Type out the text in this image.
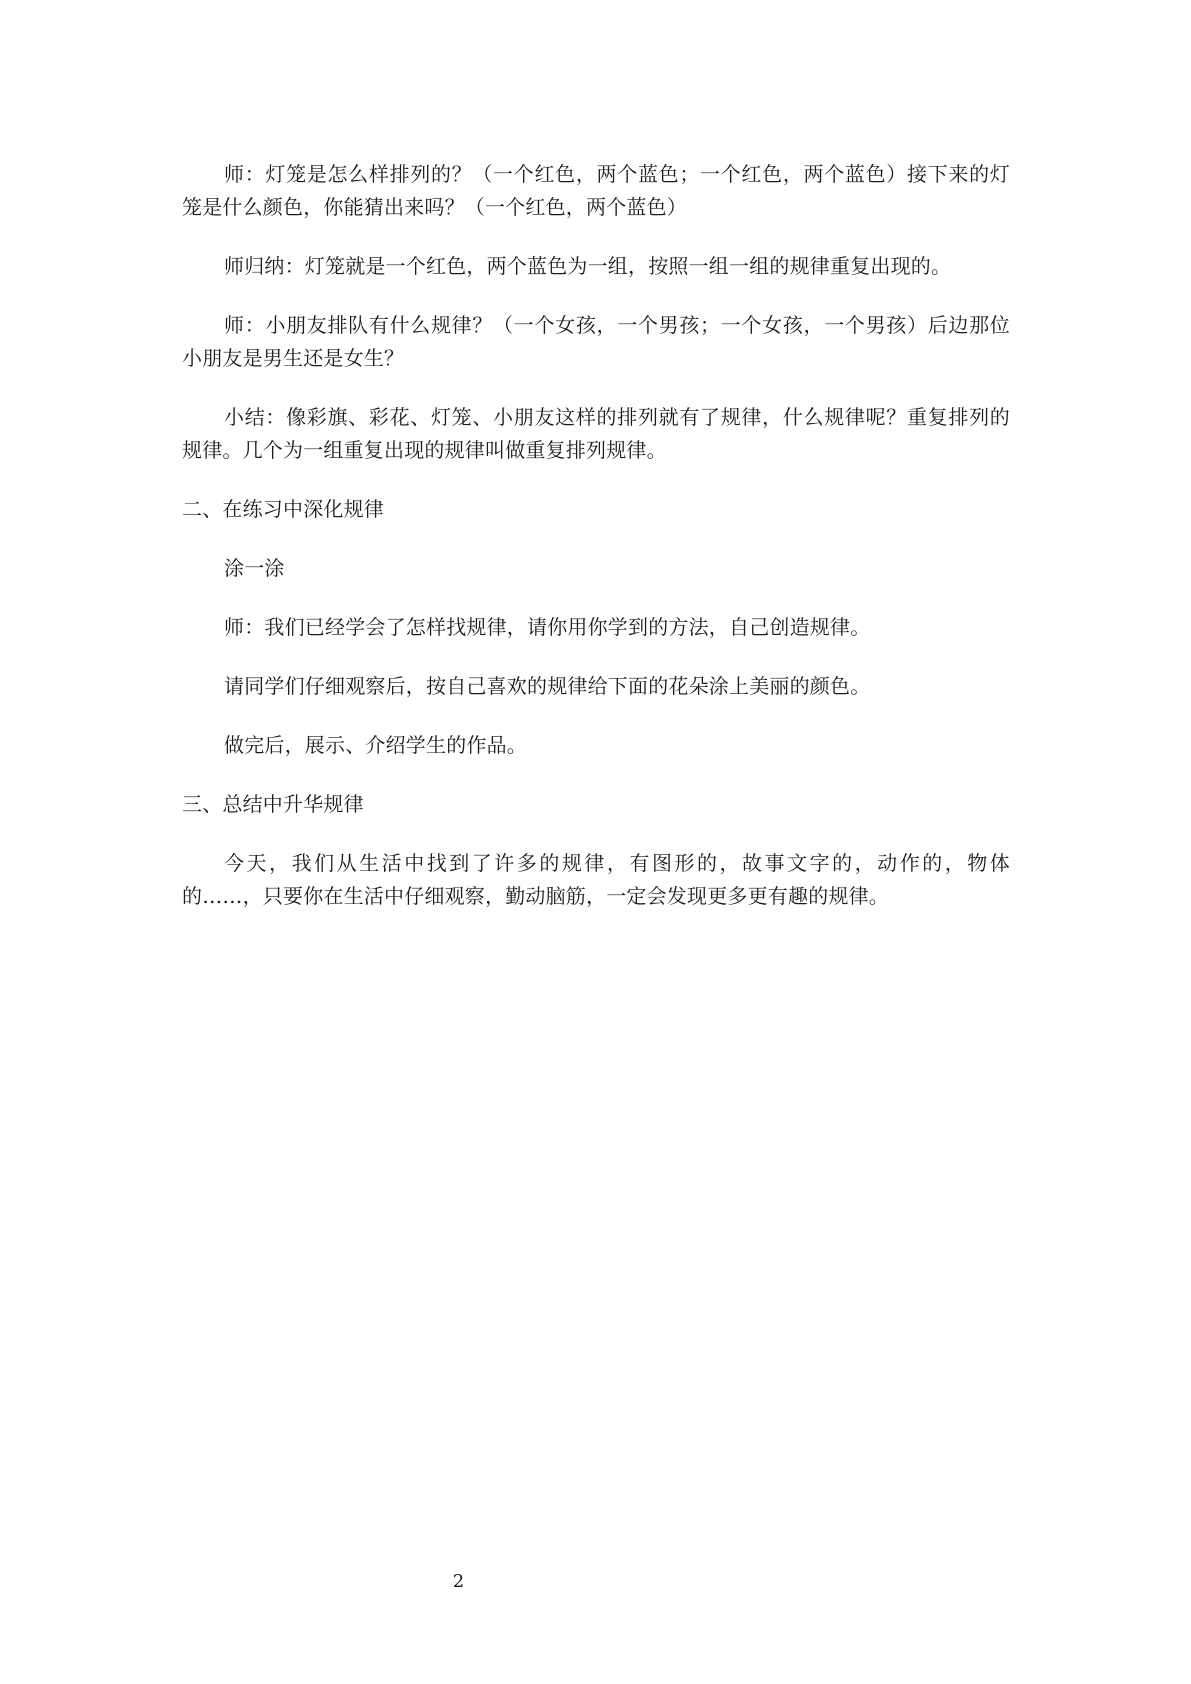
师：灯笼是怎么样排列的？（一个红色，两个蓝色；一个红色，两个蓝色）接下来的灯笼是什么颜色，你能猜出来吗？（一个红色，两个蓝色）

师归纳：灯笼就是一个红色，两个蓝色为一组，按照一组一组的规律重复出现的。

师：小朋友排队有什么规律？（一个女孩，一个男孩；一个女孩，一个男孩）后边那位小朋友是男生还是女生？

小结：像彩旗、彩花、灯笼、小朋友这样的排列就有了规律，什么规律呢？重复排列的规律。几个为一组重复出现的规律叫做重复排列规律。

二、在练习中深化规律

涂一涂

师：我们已经学会了怎样找规律，请你用你学到的方法，自己创造规律。

请同学们仔细观察后，按自己喜欢的规律给下面的花朵涂上美丽的颜色。

做完后，展示、介绍学生的作品。

三、总结中升华规律

今天，我们从生活中找到了许多的规律，有图形的，故事文字的，动作的，物体的……，只要你在生活中仔细观察，勤动脑筋，一定会发现更多更有趣的规律。

2
